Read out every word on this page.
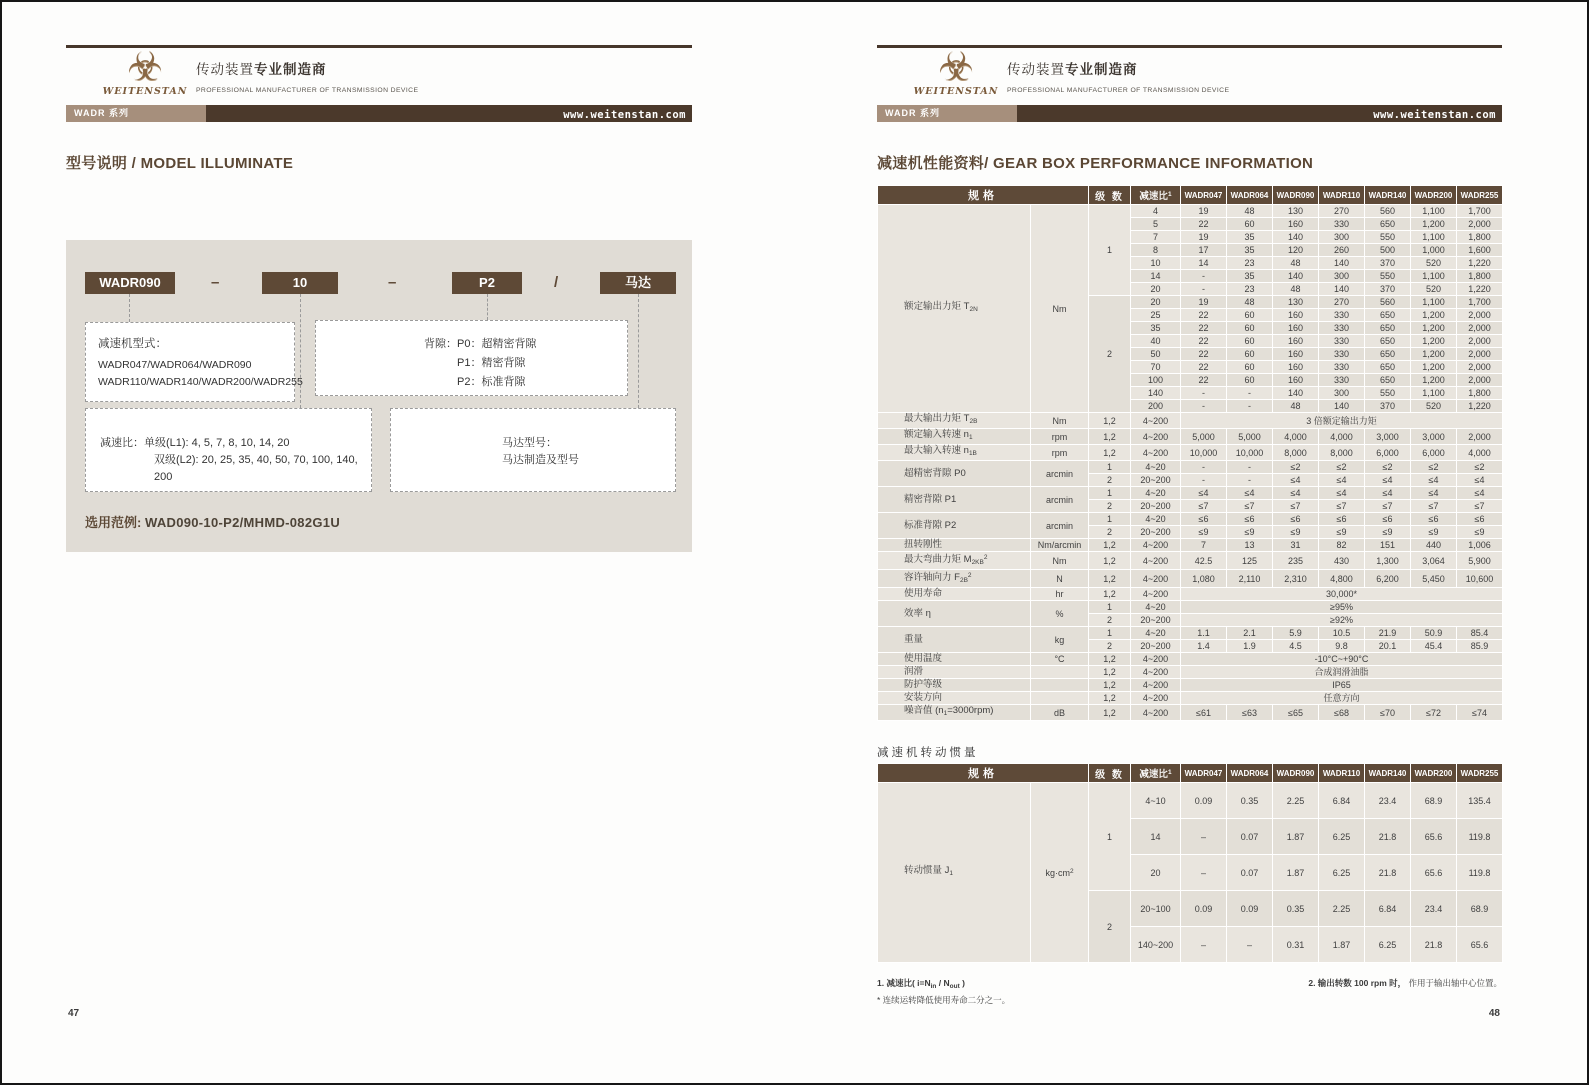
☣
WEITENSTAN
传动装置专业制造商
PROFESSIONAL MANUFACTURER OF TRANSMISSION DEVICE
WADR 系列	www.weitenstan.com
型号说明 / MODEL ILLUMINATE
WADR090	–	10	–	P2	/	马达
减速机型式：
WADR047/WADR064/WADR090
WADR110/WADR140/WADR200/WADR255
背隙： P0：超精密背隙
P1：精密背隙
P2：标准背隙
减速比：单级(L1): 4, 5, 7, 8, 10, 14, 20
双级(L2): 20, 25, 35, 40, 50, 70, 100, 140, 200
马达型号：
马达制造及型号
选用范例: WAD090-10-P2/MHMD-082G1U
47
☣
WEITENSTAN
传动装置专业制造商
PROFESSIONAL MANUFACTURER OF TRANSMISSION DEVICE
WADR 系列	www.weitenstan.com
减速机性能资料/ GEAR BOX PERFORMANCE INFORMATION
规格		级 数	减速比$^1$	WADR047	WADR064	WADR090	WADR110	WADR140	WADR200	WADR255
额定输出力矩 $T_{2N}$	Nm	1	4	19	48	130	270	560	1,100	1,700
			5	22	60	160	330	650	1,200	2,000
			7	19	35	140	300	550	1,100	1,800
			8	17	35	120	260	500	1,000	1,600
			10	14	23	48	140	370	520	1,220
			14	-	35	140	300	550	1,100	1,800
			20	-	23	48	140	370	520	1,220
		2	20	19	48	130	270	560	1,100	1,700
			25	22	60	160	330	650	1,200	2,000
			35	22	60	160	330	650	1,200	2,000
			40	22	60	160	330	650	1,200	2,000
			50	22	60	160	330	650	1,200	2,000
			70	22	60	160	330	650	1,200	2,000
			100	22	60	160	330	650	1,200	2,000
			140	-	-	140	300	550	1,100	1,800
			200	-	-	48	140	370	520	1,220
最大输出力矩 $T_{2B}$	Nm	1,2	4~200	3 倍额定输出力矩						
额定输入转速 $n_1$	rpm	1,2	4~200	5,000	5,000	4,000	4,000	3,000	3,000	2,000
最大输入转速 $n_{1B}$	rpm	1,2	4~200	10,000	10,000	8,000	8,000	6,000	6,000	4,000
超精密背隙 P0	arcmin	1	4~20	-	-	≤2	≤2	≤2	≤2	≤2
		2	20~200	-	-	≤4	≤4	≤4	≤4	≤4
精密背隙 P1	arcmin	1	4~20	≤4	≤4	≤4	≤4	≤4	≤4	≤4
		2	20~200	≤7	≤7	≤7	≤7	≤7	≤7	≤7
标准背隙 P2	arcmin	1	4~20	≤6	≤6	≤6	≤6	≤6	≤6	≤6
		2	20~200	≤9	≤9	≤9	≤9	≤9	≤9	≤9
扭转刚性	Nm/arcmin	1,2	4~200	7	13	31	82	151	440	1,006
最大弯曲力矩 $M_{2KB}^2$	Nm	1,2	4~200	42.5	125	235	430	1,300	3,064	5,900
容许轴向力 $F_{2B}^2$	N	1,2	4~200	1,080	2,110	2,310	4,800	6,200	5,450	10,600
使用寿命	hr	1,2	4~200	30,000*						
效率 η	%	1	4~20	≥95%						
		2	20~200	≥92%						
重量	kg	1	4~20	1.1	2.1	5.9	10.5	21.9	50.9	85.4
		2	20~200	1.4	1.9	4.5	9.8	20.1	45.4	85.9
使用温度	°C	1,2	4~200	-10°C~+90°C						
润滑		1,2	4~200	合成润滑油脂						
防护等级		1,2	4~200	IP65						
安装方向		1,2	4~200	任意方向						
噪音值 $(n_1=3000rpm)$	dB	1,2	4~200	≤61	≤63	≤65	≤68	≤70	≤72	≤74
减速机转动惯量
规格		级 数	减速比$^1$	WADR047	WADR064	WADR090	WADR110	WADR140	WADR200	WADR255
转动惯量 $J_1$	$kg\cdot cm^2$	1	4~10	0.09	0.35	2.25	6.84	23.4	68.9	135.4
			14	–	0.07	1.87	6.25	21.8	65.6	119.8
			20	–	0.07	1.87	6.25	21.8	65.6	119.8
		2	20~100	0.09	0.09	0.35	2.25	6.84	23.4	68.9
			140~200	–	–	0.31	1.87	6.25	21.8	65.6
1. 减速比( $i=N_{in} / N_{out}$ )
* 连续运转降低使用寿命二分之一。
2. 输出转数 100 rpm 时， 作用于输出轴中心位置。
48
